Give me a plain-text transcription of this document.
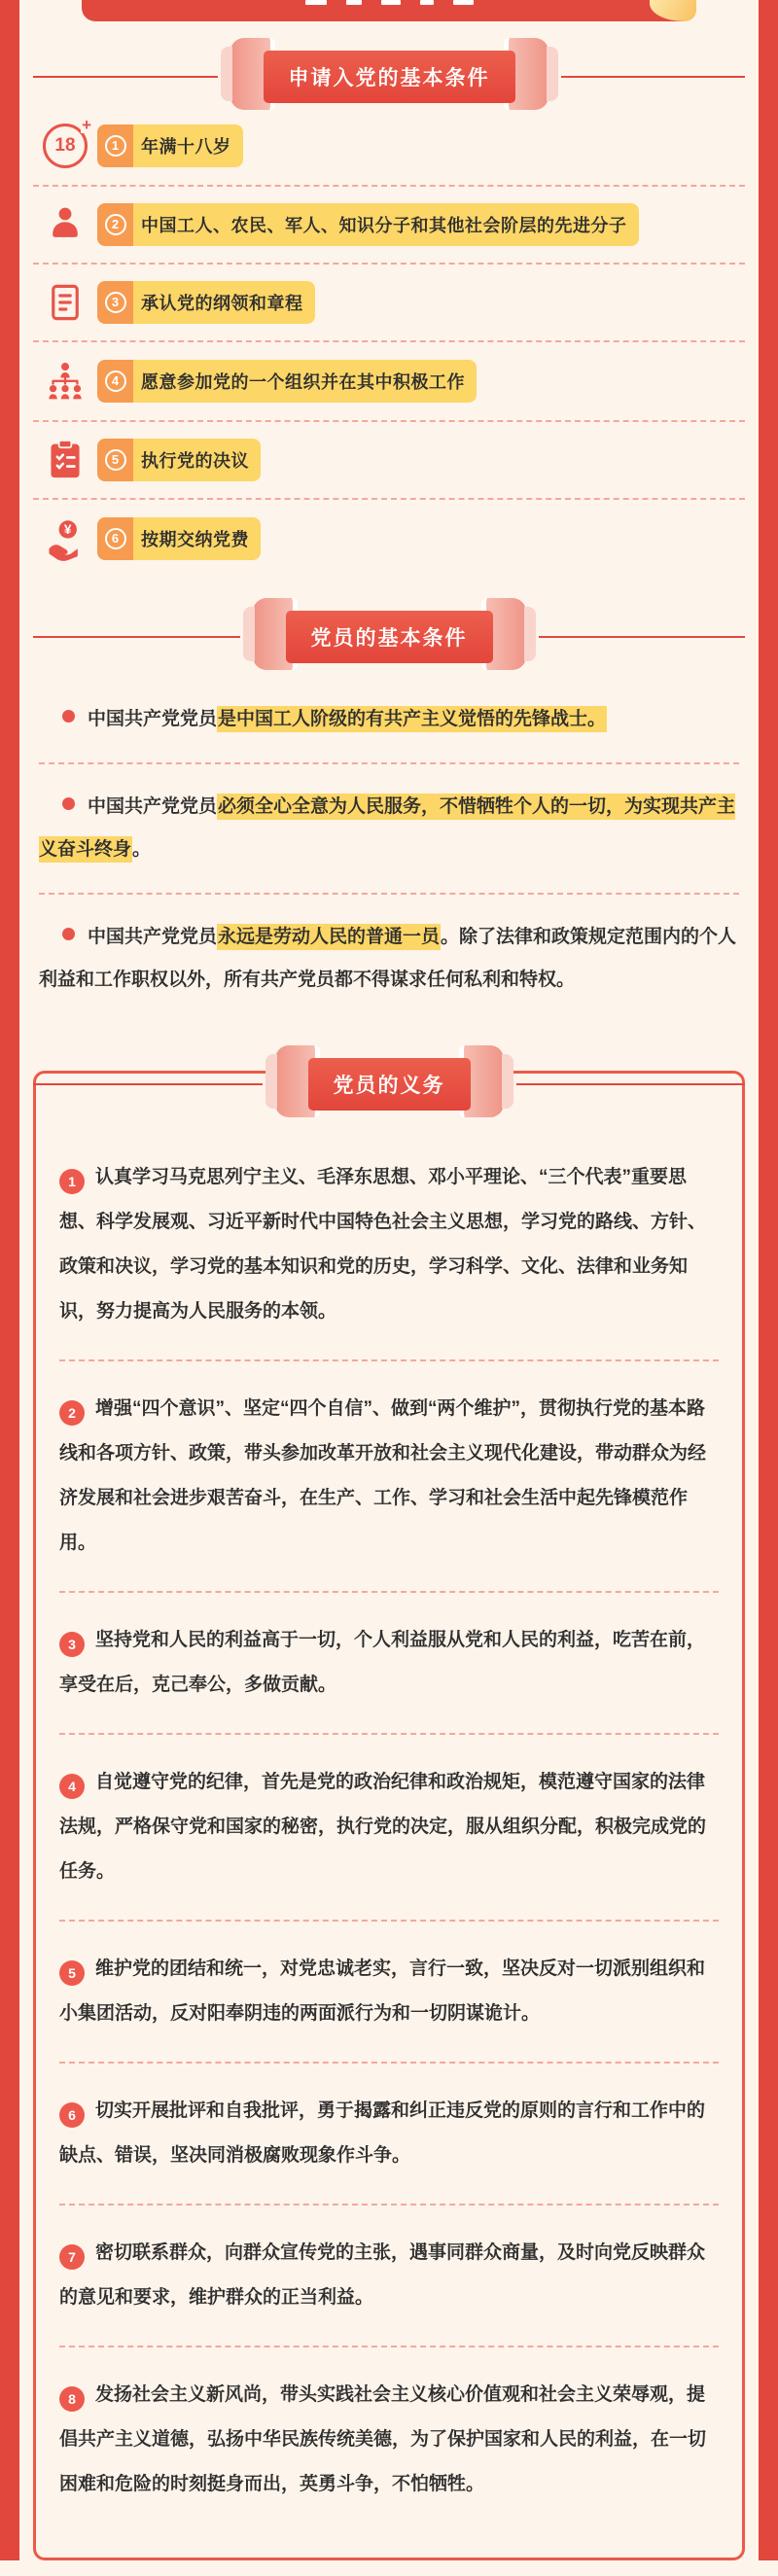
申请入党的基本条件
18
+
1	年满十八岁
2	中国工人、农民、军人、知识分子和其他社会阶层的先进分子
3	承认党的纲领和章程
4	愿意参加党的一个组织并在其中积极工作
5	执行党的决议
¥
6	按期交纳党费
党员的基本条件

中国共产党党员是中国工人阶级的有共产主义觉悟的先锋战士。

中国共产党党员必须全心全意为人民服务，不惜牺牲个人的一切，为实现共产主义奋斗终身。

中国共产党党员永远是劳动人民的普通一员。除了法律和政策规定范围内的个人利益和工作职权以外，所有共产党员都不得谋求任何私利和特权。

党员的义务

1 认真学习马克思列宁主义、毛泽东思想、邓小平理论、“三个代表”重要思想、科学发展观、习近平新时代中国特色社会主义思想，学习党的路线、方针、政策和决议，学习党的基本知识和党的历史，学习科学、文化、法律和业务知识，努力提高为人民服务的本领。

2 增强“四个意识”、坚定“四个自信”、做到“两个维护”，贯彻执行党的基本路线和各项方针、政策，带头参加改革开放和社会主义现代化建设，带动群众为经济发展和社会进步艰苦奋斗，在生产、工作、学习和社会生活中起先锋模范作用。

3 坚持党和人民的利益高于一切，个人利益服从党和人民的利益，吃苦在前，享受在后，克己奉公，多做贡献。

4 自觉遵守党的纪律，首先是党的政治纪律和政治规矩，模范遵守国家的法律法规，严格保守党和国家的秘密，执行党的决定，服从组织分配，积极完成党的任务。

5 维护党的团结和统一，对党忠诚老实，言行一致，坚决反对一切派别组织和小集团活动，反对阳奉阴违的两面派行为和一切阴谋诡计。

6 切实开展批评和自我批评，勇于揭露和纠正违反党的原则的言行和工作中的缺点、错误，坚决同消极腐败现象作斗争。

7 密切联系群众，向群众宣传党的主张，遇事同群众商量，及时向党反映群众的意见和要求，维护群众的正当利益。

8 发扬社会主义新风尚，带头实践社会主义核心价值观和社会主义荣辱观，提倡共产主义道德，弘扬中华民族传统美德，为了保护国家和人民的利益，在一切困难和危险的时刻挺身而出，英勇斗争，不怕牺牲。
